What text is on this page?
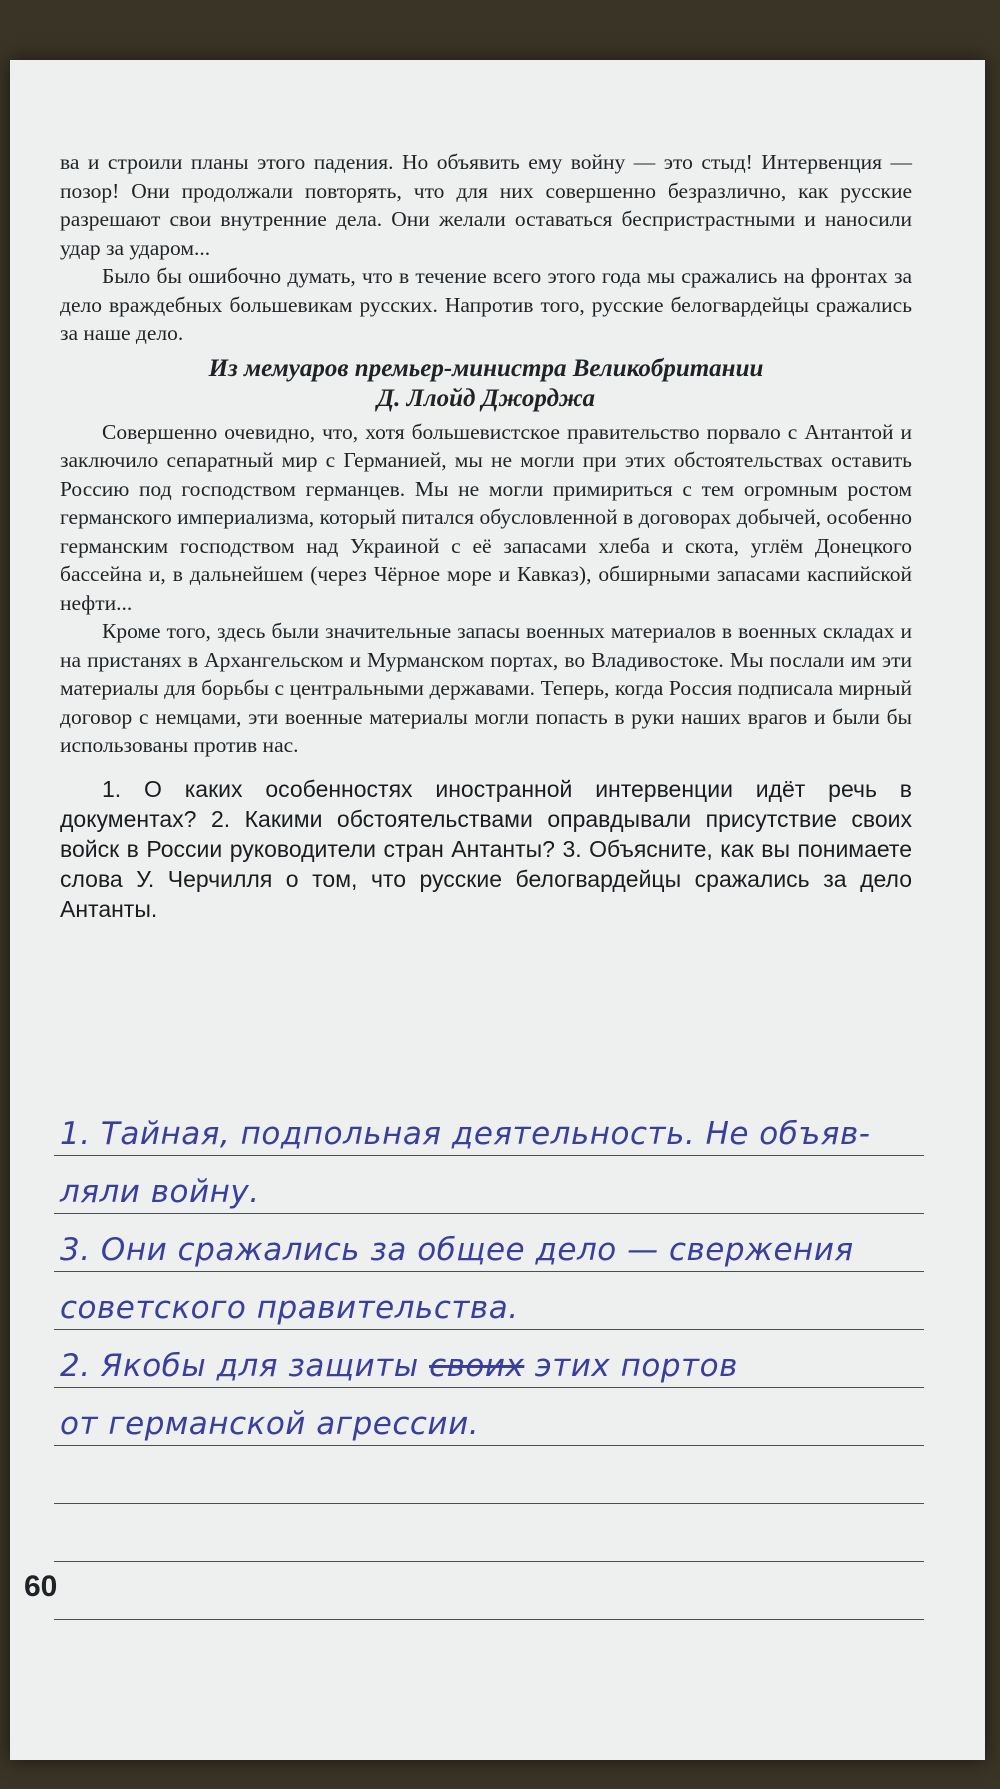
ва и строили планы этого падения. Но объявить ему войну — это стыд! Интервенция — позор! Они продолжали повторять, что для них совершенно безразлично, как русские разрешают свои внутренние дела. Они желали оставаться беспристрастными и наносили удар за ударом...

Было бы ошибочно думать, что в течение всего этого года мы сражались на фронтах за дело враждебных большевикам русских. Напротив того, русские белогвардейцы сражались за наше дело.

Из мемуаров премьер-министра Великобритании
Д. Ллойд Джорджа

Совершенно очевидно, что, хотя большевистское правительство порвало с Антантой и заключило сепаратный мир с Германией, мы не могли при этих обстоятельствах оставить Россию под господством германцев. Мы не могли примириться с тем огромным ростом германского империализма, который питался обусловленной в договорах добычей, особенно германским господством над Украиной с её запасами хлеба и скота, углём Донецкого бассейна и, в дальнейшем (через Чёрное море и Кавказ), обширными запасами каспийской нефти...

Кроме того, здесь были значительные запасы военных материалов в военных складах и на пристанях в Архангельском и Мурманском портах, во Владивостоке. Мы послали им эти материалы для борьбы с центральными державами. Теперь, когда Россия подписала мирный договор с немцами, эти военные материалы могли попасть в руки наших врагов и были бы использованы против нас.

1. О каких особенностях иностранной интервенции идёт речь в документах? 2. Какими обстоятельствами оправдывали присутствие своих войск в России руководители стран Антанты? 3. Объясните, как вы понимаете слова У. Черчилля о том, что русские белогвардейцы сражались за дело Антанты.

1. Тайная, подпольная деятельность. Не объяв-
ляли войну.
3. Они сражались за общее дело — свержения
советского правительства.
2. Якобы для защиты своих этих портов
от германской агрессии.
60
